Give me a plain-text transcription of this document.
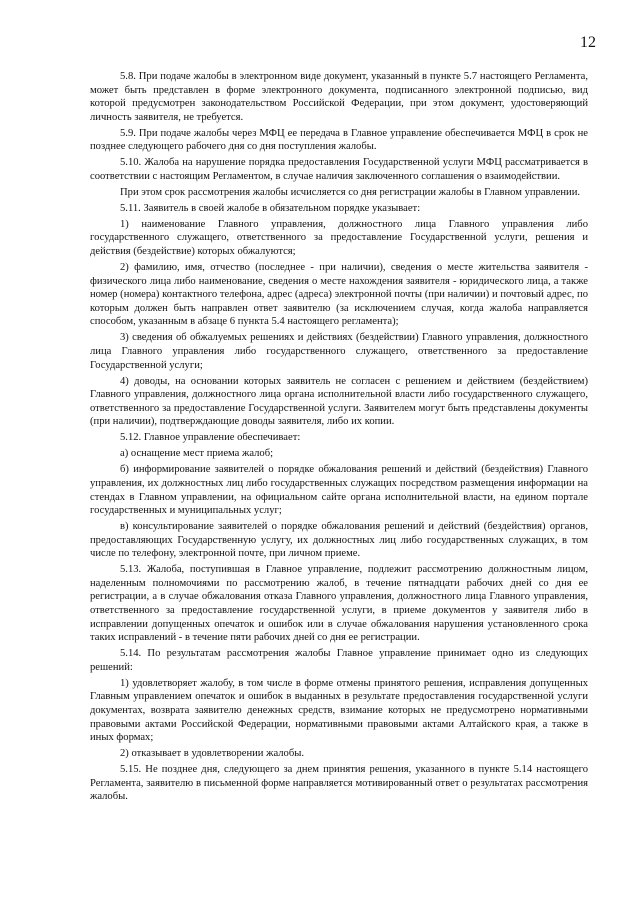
12

5.8. При подаче жалобы в электронном виде документ, указанный в пункте 5.7 настоящего Регламента, может быть представлен в форме электронного документа, подписанного электронной подписью, вид которой предусмотрен законодательством Российской Федерации, при этом документ, удостоверяющий личность заявителя, не требуется.

5.9. При подаче жалобы через МФЦ ее передача в Главное управление обеспечивается МФЦ в срок не позднее следующего рабочего дня со дня поступления жалобы.

5.10. Жалоба на нарушение порядка предоставления Государственной услуги МФЦ рассматривается в соответствии с настоящим Регламентом, в случае наличия заключенного соглашения о взаимодействии.

При этом срок рассмотрения жалобы исчисляется со дня регистрации жалобы в Главном управлении.

5.11. Заявитель в своей жалобе в обязательном порядке указывает:

1) наименование Главного управления, должностного лица Главного управления либо государственного служащего, ответственного за предоставление Государственной услуги, решения и действия (бездействие) которых обжалуются;

2) фамилию, имя, отчество (последнее - при наличии), сведения о месте жительства заявителя - физического лица либо наименование, сведения о месте нахождения заявителя - юридического лица, а также номер (номера) контактного телефона, адрес (адреса) электронной почты (при наличии) и почтовый адрес, по которым должен быть направлен ответ заявителю (за исключением случая, когда жалоба направляется способом, указанным в абзаце 6 пункта 5.4 настоящего регламента);

3) сведения об обжалуемых решениях и действиях (бездействии) Главного управления, должностного лица Главного управления либо государственного служащего, ответственного за предоставление Государственной услуги;

4) доводы, на основании которых заявитель не согласен с решением и действием (бездействием) Главного управления, должностного лица органа исполнительной власти либо государственного служащего, ответственного за предоставление Государственной услуги. Заявителем могут быть представлены документы (при наличии), подтверждающие доводы заявителя, либо их копии.

5.12. Главное управление обеспечивает:

а) оснащение мест приема жалоб;

б) информирование заявителей о порядке обжалования решений и действий (бездействия) Главного управления, их должностных лиц либо государственных служащих посредством размещения информации на стендах в Главном управлении, на официальном сайте органа исполнительной власти, на едином портале государственных и муниципальных услуг;

в) консультирование заявителей о порядке обжалования решений и действий (бездействия) органов, предоставляющих Государственную услугу, их должностных лиц либо государственных служащих, в том числе по телефону, электронной почте, при личном приеме.

5.13. Жалоба, поступившая в Главное управление, подлежит рассмотрению должностным лицом, наделенным полномочиями по рассмотрению жалоб, в течение пятнадцати рабочих дней со дня ее регистрации, а в случае обжалования отказа Главного управления, должностного лица Главного управления, ответственного за предоставление государственной услуги, в приеме документов у заявителя либо в исправлении допущенных опечаток и ошибок или в случае обжалования нарушения установленного срока таких исправлений - в течение пяти рабочих дней со дня ее регистрации.

5.14. По результатам рассмотрения жалобы Главное управление принимает одно из следующих решений:

1) удовлетворяет жалобу, в том числе в форме отмены принятого решения, исправления допущенных Главным управлением опечаток и ошибок в выданных в результате предоставления государственной услуги документах, возврата заявителю денежных средств, взимание которых не предусмотрено нормативными правовыми актами Российской Федерации, нормативными правовыми актами Алтайского края, а также в иных формах;

2) отказывает в удовлетворении жалобы.

5.15. Не позднее дня, следующего за днем принятия решения, указанного в пункте 5.14 настоящего Регламента, заявителю в письменной форме направляется мотивированный ответ о результатах рассмотрения жалобы.
